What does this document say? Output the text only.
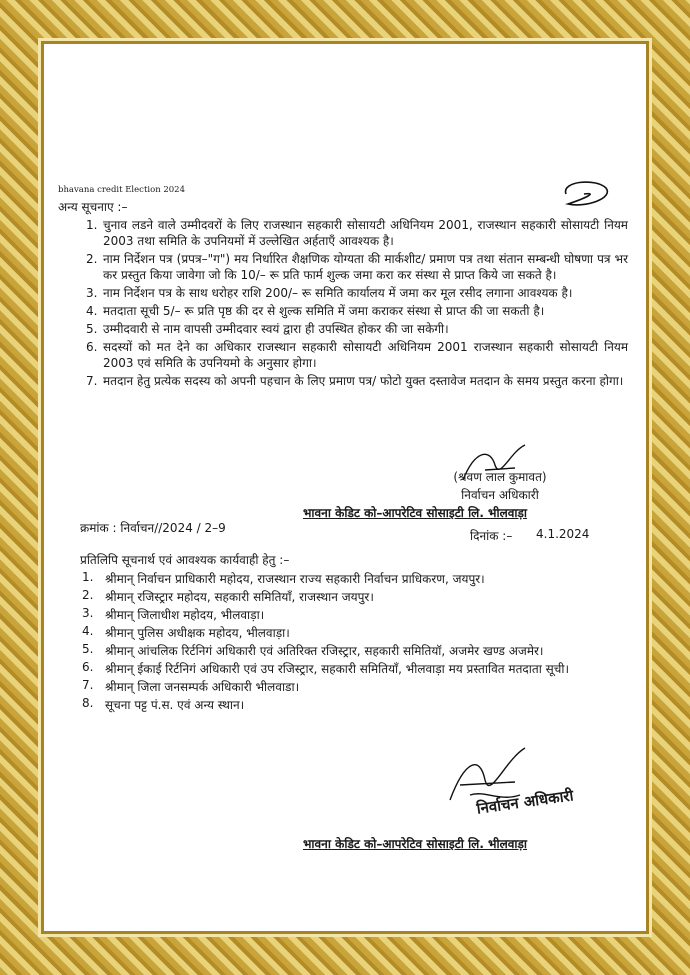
bhavana credit Election 2024
अन्य सूचनाए :–
1. चुनाव लडने वाले उम्मीदवरों के लिए राजस्थान सहकारी सोसायटी अधिनियम 2001, राजस्थान सहकारी सोसायटी नियम 2003 तथा समिति के उपनियमों में उल्लेखित अर्हताएँ आवश्यक है।
2. नाम निर्देशन पत्र (प्रपत्र–"ग") मय निर्धारित शैक्षणिक योग्यता की मार्कशीट/ प्रमाण पत्र तथा संतान सम्बन्धी घोषणा पत्र भर कर प्रस्तुत किया जावेगा जो कि 10/– रू प्रति फार्म शुल्क जमा करा कर संस्था से प्राप्त किये जा सकते है।
3. नाम निर्देशन पत्र के साथ धरोहर राशि 200/– रू समिति कार्यालय में जमा कर मूल रसीद लगाना आवश्यक है।
4. मतदाता सूची 5/– रू प्रति पृष्ठ की दर से शुल्क समिति में जमा कराकर संस्था से प्राप्त की जा सकती है।
5. उम्मीदवारी से नाम वापसी उम्मीदवार स्वयं द्वारा ही उपस्थित होकर की जा सकेगी।
6. सदस्यों को मत देने का अधिकार राजस्थान सहकारी सोसायटी अधिनियम 2001 राजस्थान सहकारी सोसायटी नियम 2003 एवं समिति के उपनियमो के अनुसार होगा।
7. मतदान हेतु प्रत्येक सदस्य को अपनी पहचान के लिए प्रमाण पत्र/ फोटो युक्त दस्तावेज मतदान के समय प्रस्तुत करना होगा।
(श्रवण लाल कुमावत)
निर्वाचन अधिकारी
भावना केडिट को–आपरेटिव सोसाइटी लि. भीलवाड़ा
क्रमांक : निर्वाचन//2024 / 2–9
दिनांक :– 4.1.2024
प्रतिलिपि सूचनार्थ एवं आवश्यक कार्यवाही हेतु :–
1. श्रीमान् निर्वाचन प्राधिकारी महोदय, राजस्थान राज्य सहकारी निर्वाचन प्राधिकरण, जयपुर।
2. श्रीमान् रजिस्ट्रार महोदय, सहकारी समितियाँ, राजस्थान जयपुर।
3. श्रीमान् जिलाधीश महोदय, भीलवाड़ा।
4. श्रीमान् पुलिस अधीक्षक महोदय, भीलवाड़ा।
5. श्रीमान् आंचलिक रिर्टनिगं अधिकारी एवं अतिरिक्त रजिस्ट्रार, सहकारी समितियॉ, अजमेर खण्ड अजमेर।
6. श्रीमान् ईकाई रिर्टनिगं अधिकारी एवं उप रजिस्ट्रार, सहकारी समितियाँ, भीलवाड़ा मय प्रस्तावित मतदाता सूची।
7. श्रीमान् जिला जनसम्पर्क अधिकारी भीलवाडा।
8. सूचना पट्ट पं.स. एवं अन्य स्थान।
निर्वाचन अधिकारी
भावना केडिट को–आपरेटिव सोसाइटी लि. भीलवाड़ा
